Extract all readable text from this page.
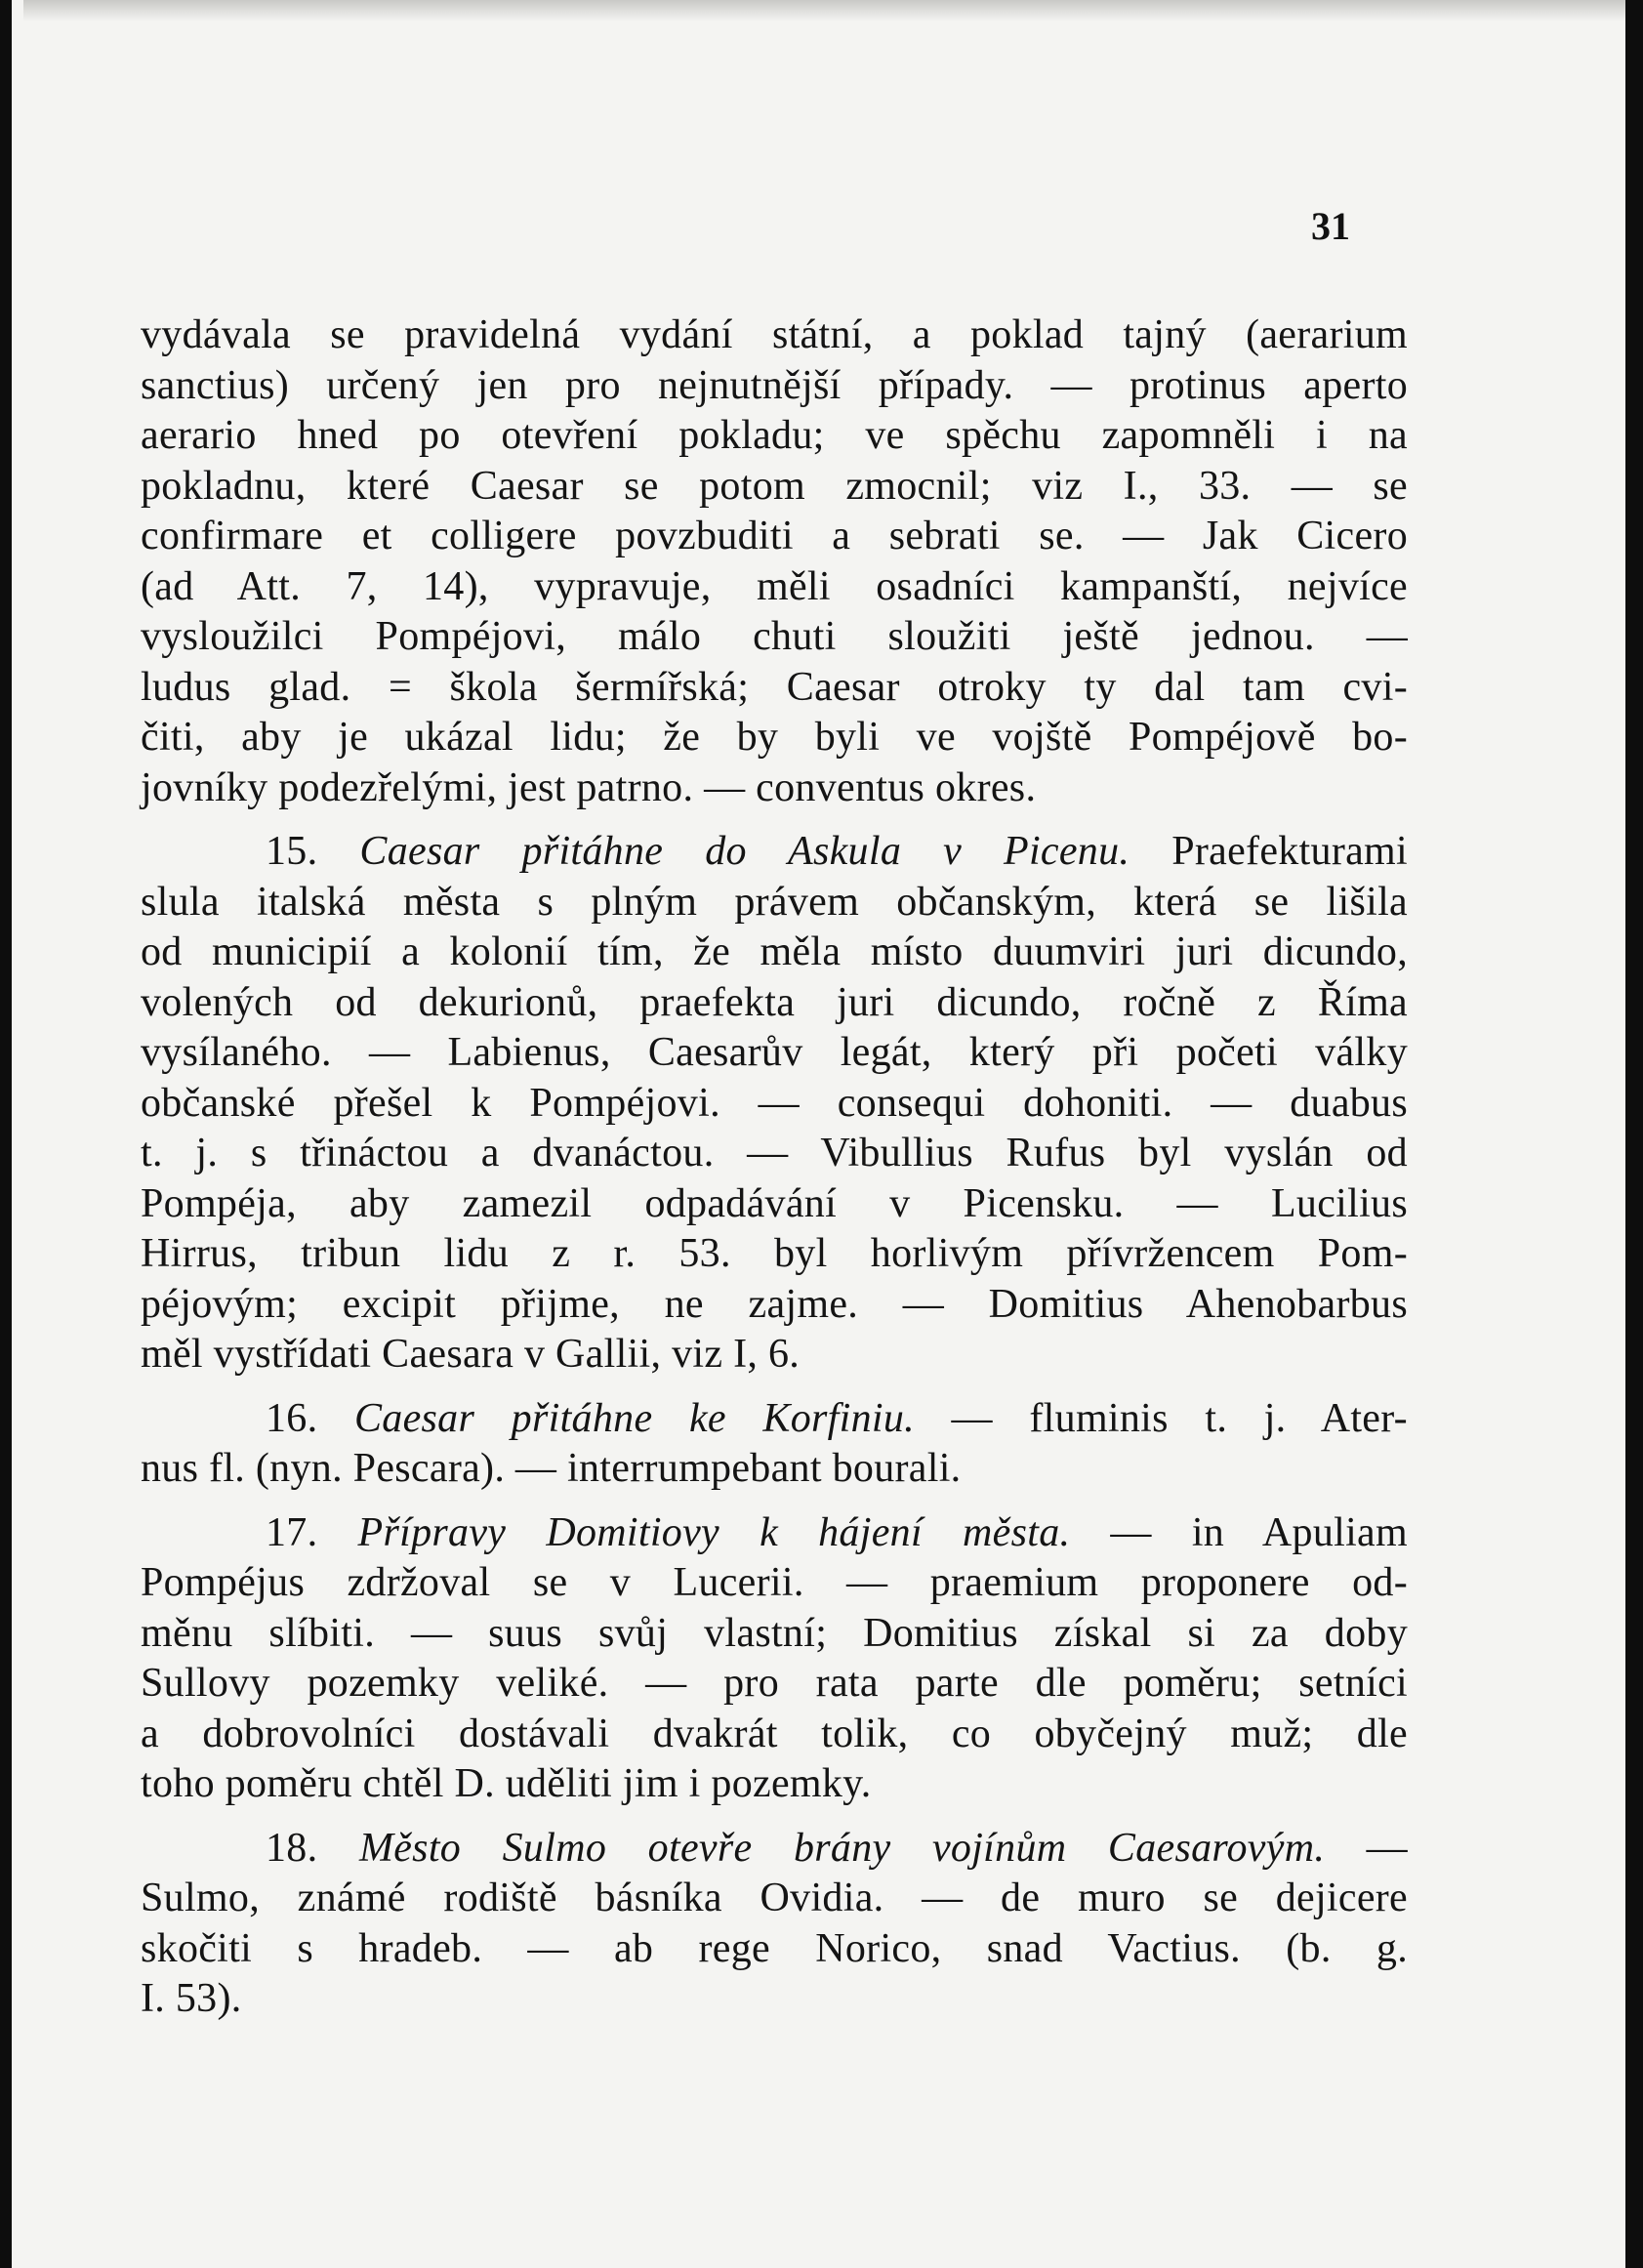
31
vydávala se pravidelná vydání státní, a poklad tajný (aerarium
sanctius) určený jen pro nejnutnější případy. — protinus aperto
aerario hned po otevření pokladu; ve spěchu zapomněli i na
pokladnu, které Caesar se potom zmocnil; viz I., 33. — se
confirmare et colligere povzbuditi a sebrati se. — Jak Cicero
(ad Att. 7, 14), vypravuje, měli osadníci kampanští, nejvíce
vysloužilci Pompéjovi, málo chuti sloužiti ještě jednou. —
ludus glad. = škola šermířská; Caesar otroky ty dal tam cvi-
čiti, aby je ukázal lidu; že by byli ve vojště Pompéjově bo-
jovníky podezřelými, jest patrno. — conventus okres.
15. Caesar přitáhne do Askula v Picenu. Praefekturami
slula italská města s plným právem občanským, která se lišila
od municipií a kolonií tím, že měla místo duumviri juri dicundo,
volených od dekurionů, praefekta juri dicundo, ročně z Říma
vysílaného. — Labienus, Caesarův legát, který při početi války
občanské přešel k Pompéjovi. — consequi dohoniti. — duabus
t. j. s třináctou a dvanáctou. — Vibullius Rufus byl vyslán od
Pompéja, aby zamezil odpadávání v Picensku. — Lucilius
Hirrus, tribun lidu z r. 53. byl horlivým přívržencem Pom-
péjovým; excipit přijme, ne zajme. — Domitius Ahenobarbus
měl vystřídati Caesara v Gallii, viz I, 6.
16. Caesar přitáhne ke Korfiniu. — fluminis t. j. Ater-
nus fl. (nyn. Pescara). — interrumpebant bourali.
17. Přípravy Domitiovy k hájení města. — in Apuliam
Pompéjus zdržoval se v Lucerii. — praemium proponere od-
měnu slíbiti. — suus svůj vlastní; Domitius získal si za doby
Sullovy pozemky veliké. — pro rata parte dle poměru; setníci
a dobrovolníci dostávali dvakrát tolik, co obyčejný muž; dle
toho poměru chtěl D. uděliti jim i pozemky.
18. Město Sulmo otevře brány vojínům Caesarovým. —
Sulmo, známé rodiště básníka Ovidia. — de muro se dejicere
skočiti s hradeb. — ab rege Norico, snad Vactius. (b. g.
I. 53).
